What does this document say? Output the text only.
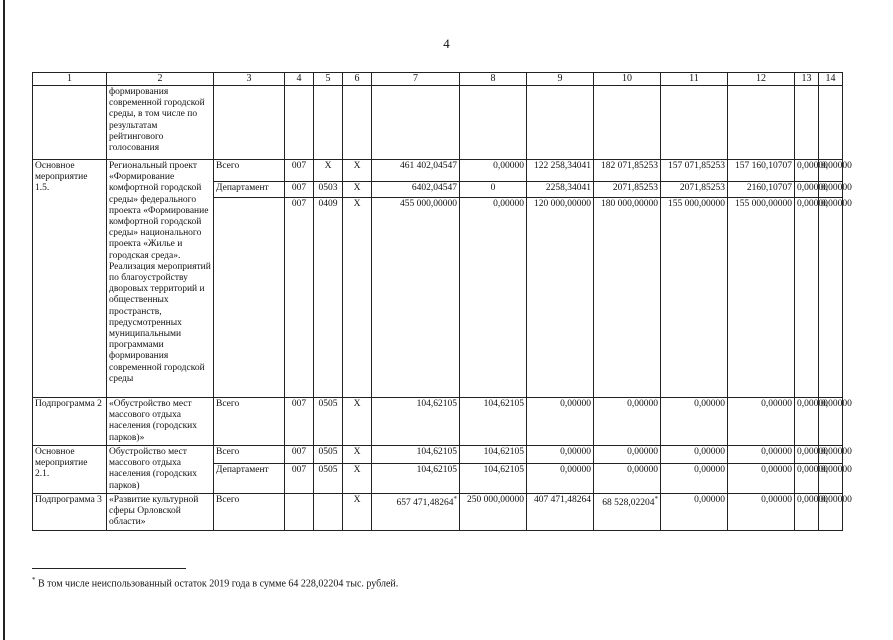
4
1	2	3	4	5	6	7	8	9	10	11	12	13	14
	формирования современной городской среды, в том числе по результатам рейтингового голосования												
Основное мероприятие 1.5.	Региональный проект «Формирование комфортной городской среды» федерального проекта «Формирование комфортной городской среды» национального проекта «Жилье и городская среда». Реализация мероприятий по благоустройству дворовых территорий и общественных пространств, предусмотренных муниципальными программами формирования современной городской среды	Всего	007	Х	Х	461 402,04547	0,00000	122 258,34041	182 071,85253	157 071,85253	157 160,10707	0,00000	0,00000
		Департамент	007	0503	Х	6402,04547	0	2258,34041	2071,85253	2071,85253	2160,10707	0,00000	0,00000
			007	0409	Х	455 000,00000	0,00000	120 000,00000	180 000,00000	155 000,00000	155 000,00000	0,00000	0,00000
Подпрограмма 2	«Обустройство мест массового отдыха населения (городских парков)»	Всего	007	0505	Х	104,62105	104,62105	0,00000	0,00000	0,00000	0,00000	0,00000	0,00000
Основное мероприятие 2.1.	Обустройство мест массового отдыха населения (городских парков)	Всего	007	0505	Х	104,62105	104,62105	0,00000	0,00000	0,00000	0,00000	0,00000	0,00000
		Департамент	007	0505	Х	104,62105	104,62105	0,00000	0,00000	0,00000	0,00000	0,00000	0,00000
Подпрограмма 3	«Развитие культурной сферы Орловской области»	Всего			Х	657 471,48264*	250 000,00000	407 471,48264	68 528,02204*	0,00000	0,00000	0,00000	0,00000
* В том числе неиспользованный остаток 2019 года в сумме 64 228,02204 тыс. рублей.
